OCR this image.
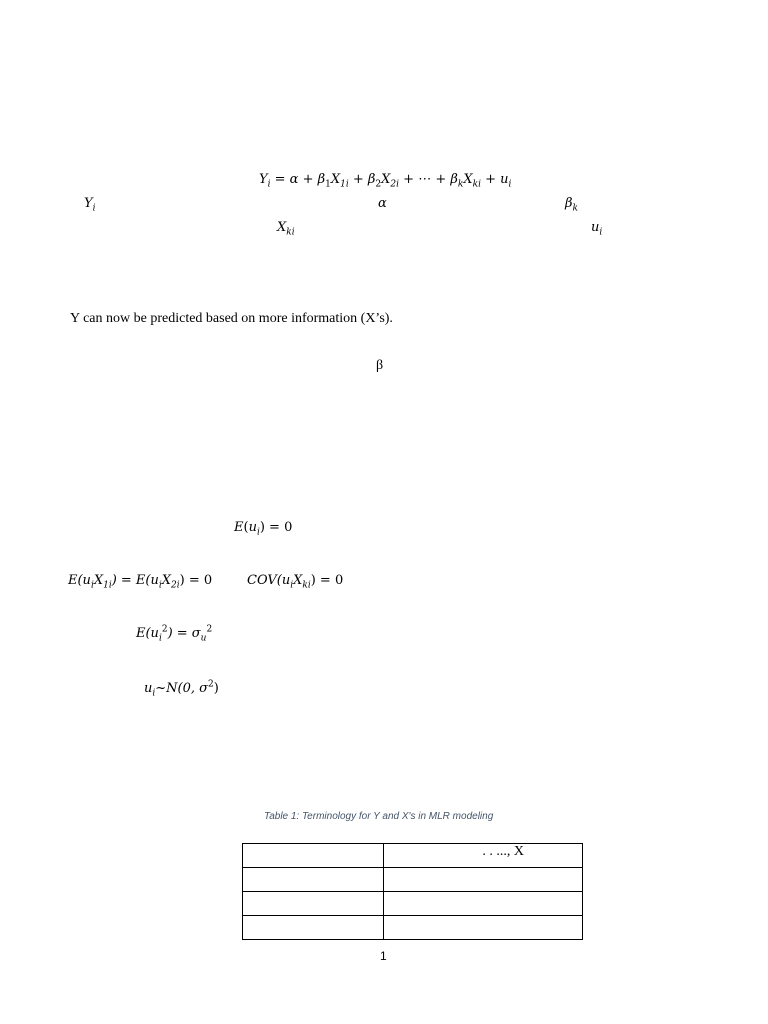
$Y_i = \alpha + \beta_1X_{1i} + \beta_2X_{2i}$ + ⋯ + $\beta_kX_{ki} + u_i$
$Y_i$	α	$\beta_k$
$X_{ki}$	$u_i$
Y can now be predicted based on more information (X’s).
β
$E(u_i) = 0$
$E(u_iX_{1i}) = E(u_iX_{2i}) = 0$	$COV(u_iX_{ki}) = 0$
$E(u_i^2) = \sigma_u^2$
$u_i\sim N(0$, $\sigma^2$)
Table 1: Terminology for Y and X's in MLR modeling
	. . ..., X

1
